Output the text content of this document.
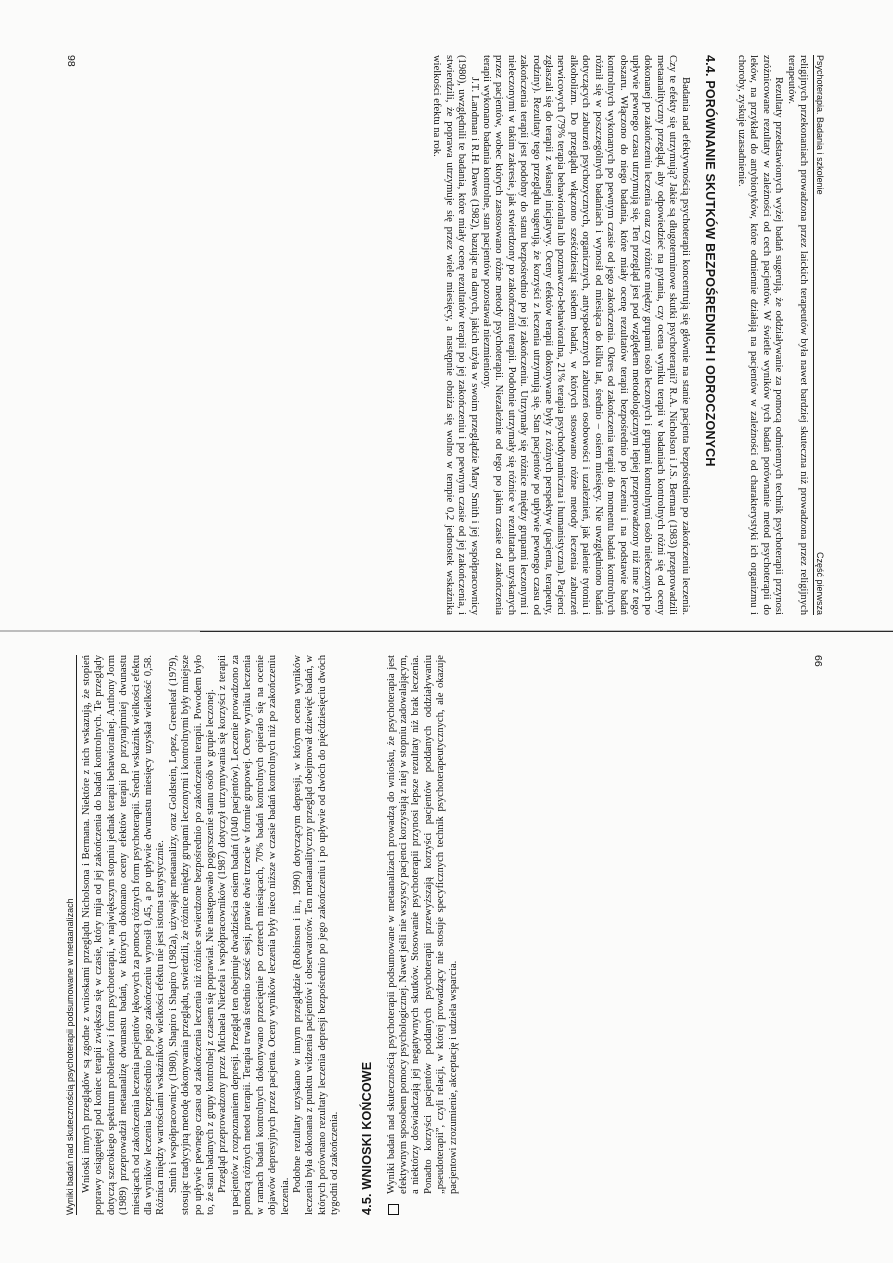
Psychoterapia. Badania i szkolenie
Część pierwsza

religijnych przekonaniach prowadzona przez laickich terapeutów była nawet bardziej skuteczna niż prowadzona przez religijnych terapeutów.

Rezultaty przedstawionych wyżej badań sugerują, że oddziaływanie za pomocą odmiennych technik psychoterapii przynosi zróżnicowane rezultaty w zależności od cech pacjentów. W świetle wyników tych badań porównanie metod psychoterapii do leków, na przykład do antybiotyków, które odmiennie działają na pacjentów w zależności od charakterystyki ich organizmu i choroby, zyskuje uzasadnienie.

4.4. PORÓWNANIE SKUTKÓW BEZPOŚREDNICH I ODROCZONYCH

Badania nad efektywnością psychoterapii koncentrują się głównie na stanie pacjenta bezpośrednio po zakończeniu leczenia. Czy te efekty się utrzymują? Jakie są długoterminowe skutki psychoterapii? R.A. Nicholson i J.S. Berman (1983) przeprowadzili metaanalityczny przegląd, aby odpowiedzieć na pytania, czy ocena wyniku terapii w badaniach kontrolnych różni się od oceny dokonanej po zakończeniu leczenia oraz czy różnice między grupami osób leczonych i grupami kontrolnymi osób nieleczonych po upływie pewnego czasu utrzymują się. Ten przegląd jest pod względem metodologicznym lepiej przeprowadzony niż inne z tego obszaru. Włączono do niego badania, które miały ocenę rezultatów terapii bezpośrednio po leczeniu i na podstawie badań kontrolnych wykonanych po pewnym czasie od jego zakończenia. Okres od zakończenia terapii do momentu badań kontrolnych różnił się w poszczególnych badaniach i wynosił od miesiąca do kilku lat, średnio – osiem miesięcy. Nie uwzględniono badań dotyczących zaburzeń psychozycznych, organicznych, antyspołecznych zaburzeń osobowości i uzależnień, jak palenie tytoniu i alkoholizm. Do przeglądu włączono sześćdziesiąt siedem badań, w których stosowano różne metody leczenia zaburzeń nerwicowych (79% terapia behawioralna lub poznawczo-behawioralna, 21% terapia psychodynamiczna i humanistyczna). Pacjenci zgłaszali się do terapii z własnej inicjatywy. Oceny efektów terapii dokonywane były z różnych perspektyw (pacjenta, terapeuty, rodziny). Rezultaty tego przeglądu sugerują, że korzyści z leczenia utrzymują się. Stan pacjentów po upływie pewnego czasu od zakończenia terapii jest podobny do stanu bezpośrednio po jej zakończeniu. Utrzymały się różnice między grupami leczonymi i nieleczonymi w takim zakresie, jak stwierdzony po zakończeniu terapii. Podobnie utrzymały się różnice w rezultatach uzyskanych przez pacjentów, wobec których zastosowano różne metody psychoterapii. Niezależnie od tego po jakim czasie od zakończenia terapii wykonano badania kontrolne, stan pacjentów pozostawał niezmieniony.

J.T. Landman i R.H. Dawes (1982), bazując na danych, jakich użyła w swoim przeglądzie Mary Smith i jej współpracownicy (1980), uwzględnili te badania, które miały ocenę rezultatów terapii po jej zakończeniu i po pewnym czasie od jej zakończenia, i stwierdzili, że poprawa utrzymuje się przez wiele miesięcy, a następnie obniża się wolno w tempie 0,2 jednostek wskaźnika wielkości efektu na rok.

98
Wyniki badań nad skutecznością psychoterapii podsumowane w metaanalizach Wnioski innych przeglądów są zgodne z wnioskami przeglądu Nicholsona i Bermana. Niektóre z nich wskazują, że stopień poprawy osiągniętej pod koniec terapii zwiększa się w czasie, który mija od jej zakończenia do badań kontrolnych. Te przeglądy dotyczą szerokiego spektrum problemów i form psychoterapii, w największym stopniu jednak terapii behawioralnej. Anthony Jorm (1989) przeprowadził metaanalizę dwunastu badań, w których dokonano oceny efektów terapii po przynajmniej dwunastu miesiącach od zakończenia leczenia pacjentów lękowych za pomocą różnych form psychoterapii. Średni wskaźnik wielkości efektu dla wyników leczenia bezpośrednio po jego zakończeniu wynosił 0,45, a po upływie dwunastu miesięcy uzyskał wielkość 0,58. Różnica między wartościami wskaźników wielkości efektu nie jest istotna statystycznie. Smith i współpracownicy (1980), Shapiro i Shapiro (1982a), używając metaanalizy, oraz Goldstein, Lopez, Greenleaf (1979), stosując tradycyjną metodę dokonywania przeglądu, stwierdzili, że różnice między grupami leczonymi i kontrolnymi były mniejsze po upływie pewnego czasu od zakończenia leczenia niż różnice stwierdzone bezpośrednio po zakończeniu terapii. Powodem było to, że stan badanych z grupy kontrolnej z czasem się poprawiał. Nie następowało pogorszenie stanu osób w grupie leczonej. Przegląd przeprowadzony przez Michaela Nietzela i współpracowników (1987) dotyczył utrzymywania się korzyści z terapii u pacjentów z rozpoznaniem depresji. Przegląd ten obejmuje dwadzieścia osiem badań (1040 pacjentów). Leczenie prowadzono za pomocą różnych metod terapii. Terapia trwała średnio sześć sesji, prawie dwie trzecie w formie grupowej. Oceny wyniku leczenia w ramach badań kontrolnych dokonywano przeciętnie po czterech miesiącach, 70% badań kontrolnych opierało się na ocenie objawów depresyjnych przez pacjenta. Oceny wyników leczenia były nieco niższe w czasie badań kontrolnych niż po zakończeniu leczenia.

Podobne rezultaty uzyskano w innym przeglądzie (Robinson i in., 1990) dotyczącym depresji, w którym ocena wyników leczenia była dokonana z punktu widzenia pacjentów i obserwatorów. Ten metaanalityczny przegląd obejmował dziewięć badań, w których porównano rezultaty leczenia depresji bezpośrednio po jego zakończeniu i po upływie od dwóch do pięćdziesięciu dwóch tygodni od zakończenia. 4.5. WNIOSKI KOŃCOWE Wyniki badań nad skutecznością psychoterapii podsumowane w metaanalizach prowadzą do wniosku, że psychoterapia jest efektywnym sposobem pomocy psychologicznej. Nawet jeśli nie wszyscy pacjenci korzystają z niej w stopniu zadowalającym, a niektórzy doświadczają jej negatywnych skutków. Stosowanie psychoterapii przynosi lepsze rezultaty niż brak leczenia. Ponadto korzyści pacjentów poddanych psychoterapii przewyższają korzyści pacjentów poddanych oddziaływaniu „pseudoterapii”, czyli relacji, w której prowadzący nie stosuje specyficznych technik psychoterapeutycznych, ale okazuje pacjentowi zrozumienie, akceptację i udziela wsparcia.

99
